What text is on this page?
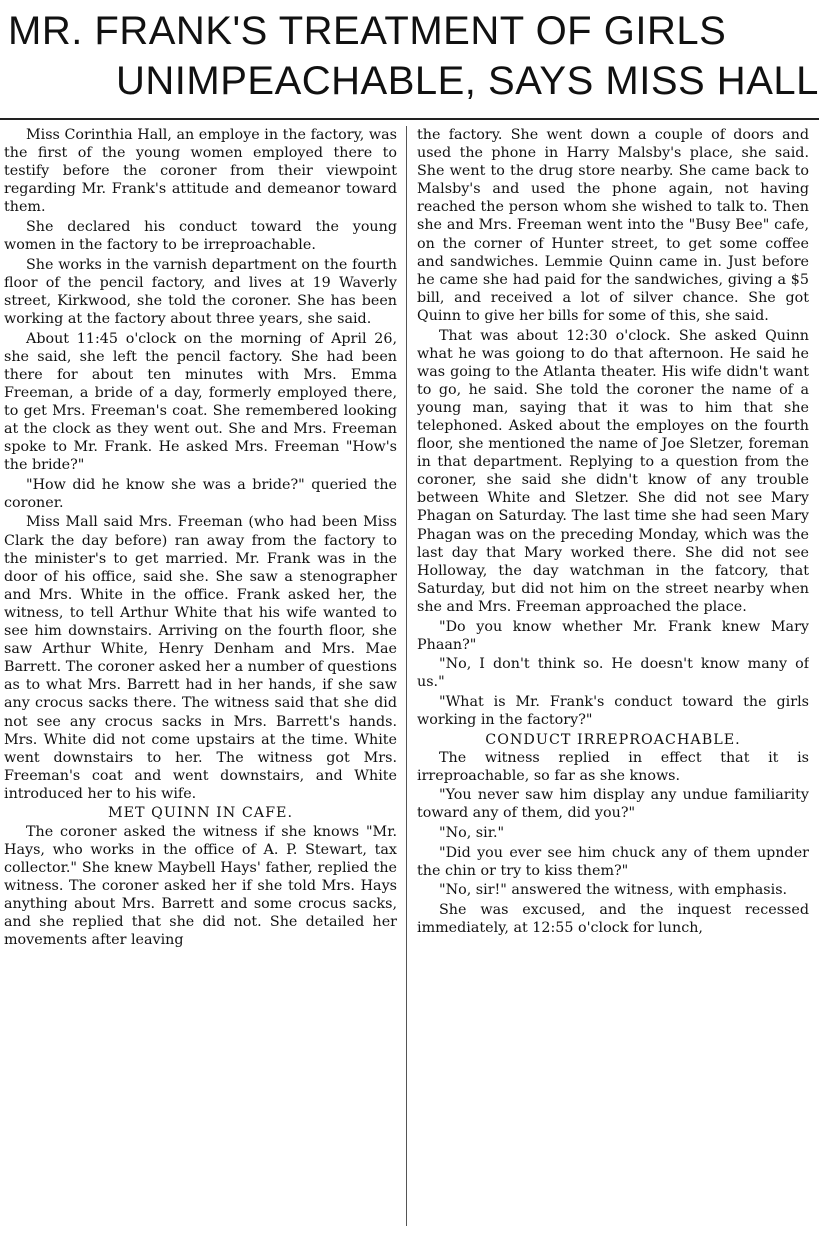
MR. FRANK'S TREATMENT OF GIRLS
UNIMPEACHABLE, SAYS MISS HALL

Miss Corinthia Hall, an employe in the factory, was the first of the young women employed there to testify before the coroner from their viewpoint regarding Mr. Frank's attitude and demeanor toward them.

She declared his conduct toward the young women in the factory to be irreproachable.

She works in the varnish department on the fourth floor of the pencil factory, and lives at 19 Waverly street, Kirkwood, she told the coroner. She has been working at the factory about three years, she said.

About 11:45 o'clock on the morning of April 26, she said, she left the pencil factory. She had been there for about ten minutes with Mrs. Emma Freeman, a bride of a day, formerly employed there, to get Mrs. Freeman's coat. She remembered looking at the clock as they went out. She and Mrs. Freeman spoke to Mr. Frank. He asked Mrs. Freeman "How's the bride?"

"How did he know she was a bride?" queried the coroner.

Miss Mall said Mrs. Freeman (who had been Miss Clark the day before) ran away from the factory to the minister's to get married. Mr. Frank was in the door of his office, said she. She saw a stenographer and Mrs. White in the office. Frank asked her, the witness, to tell Arthur White that his wife wanted to see him downstairs. Arriving on the fourth floor, she saw Arthur White, Henry Denham and Mrs. Mae Barrett. The coroner asked her a number of questions as to what Mrs. Barrett had in her hands, if she saw any crocus sacks there. The witness said that she did not see any crocus sacks in Mrs. Barrett's hands. Mrs. White did not come upstairs at the time. White went downstairs to her. The witness got Mrs. Freeman's coat and went downstairs, and White introduced her to his wife.

MET QUINN IN CAFE.

The coroner asked the witness if she knows "Mr. Hays, who works in the office of A. P. Stewart, tax collector." She knew Maybell Hays' father, replied the witness. The coroner asked her if she told Mrs. Hays anything about Mrs. Barrett and some crocus sacks, and she replied that she did not. She detailed her movements after leaving

the factory. She went down a couple of doors and used the phone in Harry Malsby's place, she said. She went to the drug store nearby. She came back to Malsby's and used the phone again, not having reached the person whom she wished to talk to. Then she and Mrs. Freeman went into the "Busy Bee" cafe, on the corner of Hunter street, to get some coffee and sandwiches. Lemmie Quinn came in. Just before he came she had paid for the sandwiches, giving a $5 bill, and received a lot of silver chance. She got Quinn to give her bills for some of this, she said.

That was about 12:30 o'clock. She asked Quinn what he was goiong to do that afternoon. He said he was going to the Atlanta theater. His wife didn't want to go, he said. She told the coroner the name of a young man, saying that it was to him that she telephoned. Asked about the employes on the fourth floor, she mentioned the name of Joe Sletzer, foreman in that department. Replying to a question from the coroner, she said she didn't know of any trouble between White and Sletzer. She did not see Mary Phagan on Saturday. The last time she had seen Mary Phagan was on the preceding Monday, which was the last day that Mary worked there. She did not see Holloway, the day watchman in the fatcory, that Saturday, but did not him on the street nearby when she and Mrs. Freeman approached the place.

"Do you know whether Mr. Frank knew Mary Phaan?"

"No, I don't think so. He doesn't know many of us."

"What is Mr. Frank's conduct toward the girls working in the factory?"

CONDUCT IRREPROACHABLE.

The witness replied in effect that it is irreproachable, so far as she knows.

"You never saw him display any undue familiarity toward any of them, did you?"

"No, sir."

"Did you ever see him chuck any of them upnder the chin or try to kiss them?"

"No, sir!" answered the witness, with emphasis.

She was excused, and the inquest recessed immediately, at 12:55 o'clock for lunch,
